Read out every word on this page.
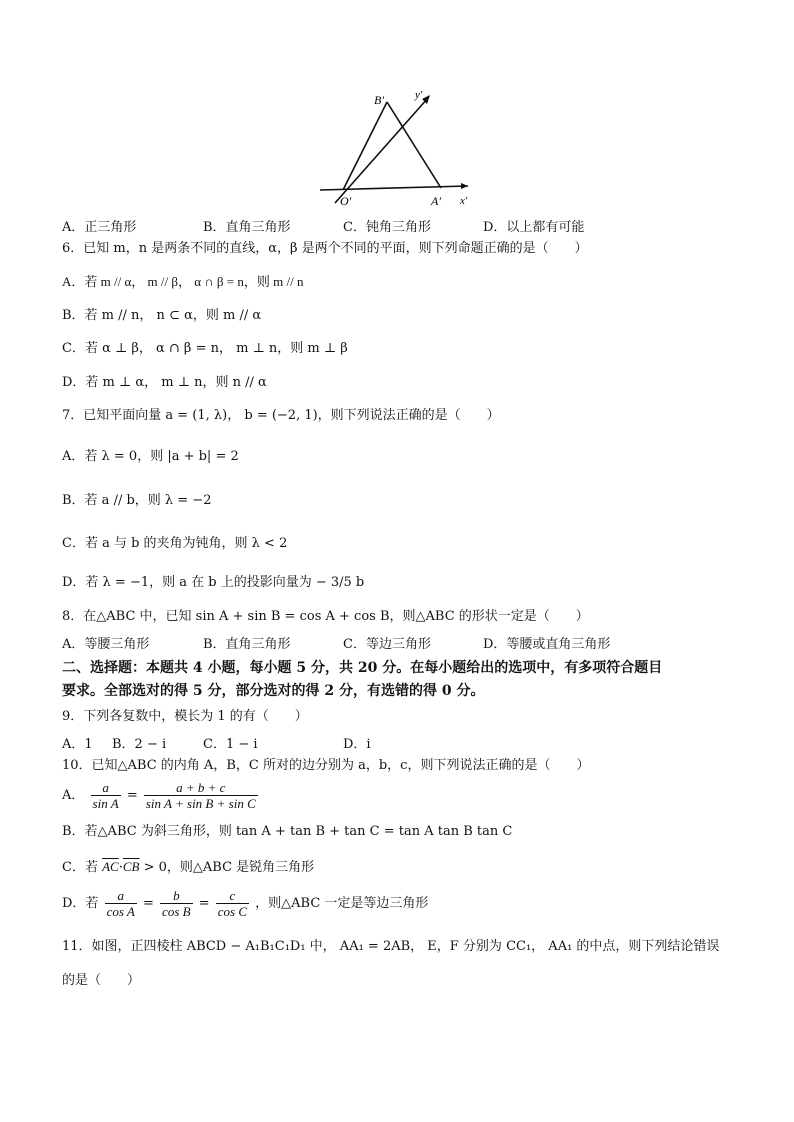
B'	y'
O'	A' x'
A．正三角形	B．直角三角形	C．钝角三角形	D．以上都有可能
6．已知 m，n 是两条不同的直线，α，β 是两个不同的平面，则下列命题正确的是（　　）
A．若 m // α， m // β， α ∩ β = n，则 m // n
B．若 m // n， n ⊂ α，则 m // α
C．若 α ⊥ β， α ∩ β = n， m ⊥ n，则 m ⊥ β
D．若 m ⊥ α， m ⊥ n，则 n // α
7．已知平面向量 a = (1, λ)， b = (−2, 1)，则下列说法正确的是（　　）
A．若 λ = 0，则 |a + b| = 2
B．若 a // b，则 λ = −2
C．若 a 与 b 的夹角为钝角，则 λ < 2
D．若 λ = −1，则 a 在 b 上的投影向量为 − 3/5 b
8．在△ABC 中，已知 sin A + sin B = cos A + cos B，则△ABC 的形状一定是（　　）
A．等腰三角形	B．直角三角形	C．等边三角形	D．等腰或直角三角形
二、选择题：本题共 4 小题，每小题 5 分，共 20 分。在每小题给出的选项中，有多项符合题目
要求。全部选对的得 5 分，部分选对的得 2 分，有选错的得 0 分。
9．下列各复数中，模长为 1 的有（　　）
A．1 B．2 − i	C．1 − i	D．i
10．已知△ABC 的内角 A，B，C 所对的边分别为 a，b，c，则下列说法正确的是（　　）
A． $\frac{a}{\text{sin A}} = \frac{a + b + c}{\text{sin A + sin B + sin C}}$
B．若△ABC 为斜三角形，则 tan A + tan B + tan C = tan A tan B tan C
C．若 $\overline{AC}\cdot\overline{CB} > 0$，则△ABC 是锐角三角形
D．若 $\frac{a}{\text{cos A}} = \frac{b}{\text{cos B}} = \frac{c}{\text{cos C}}$ ，则△ABC 一定是等边三角形
11．如图，正四棱柱 ABCD − A₁B₁C₁D₁ 中， AA₁ = 2AB， E，F 分别为 CC₁， AA₁ 的中点，则下列结论错误
的是（　　）
